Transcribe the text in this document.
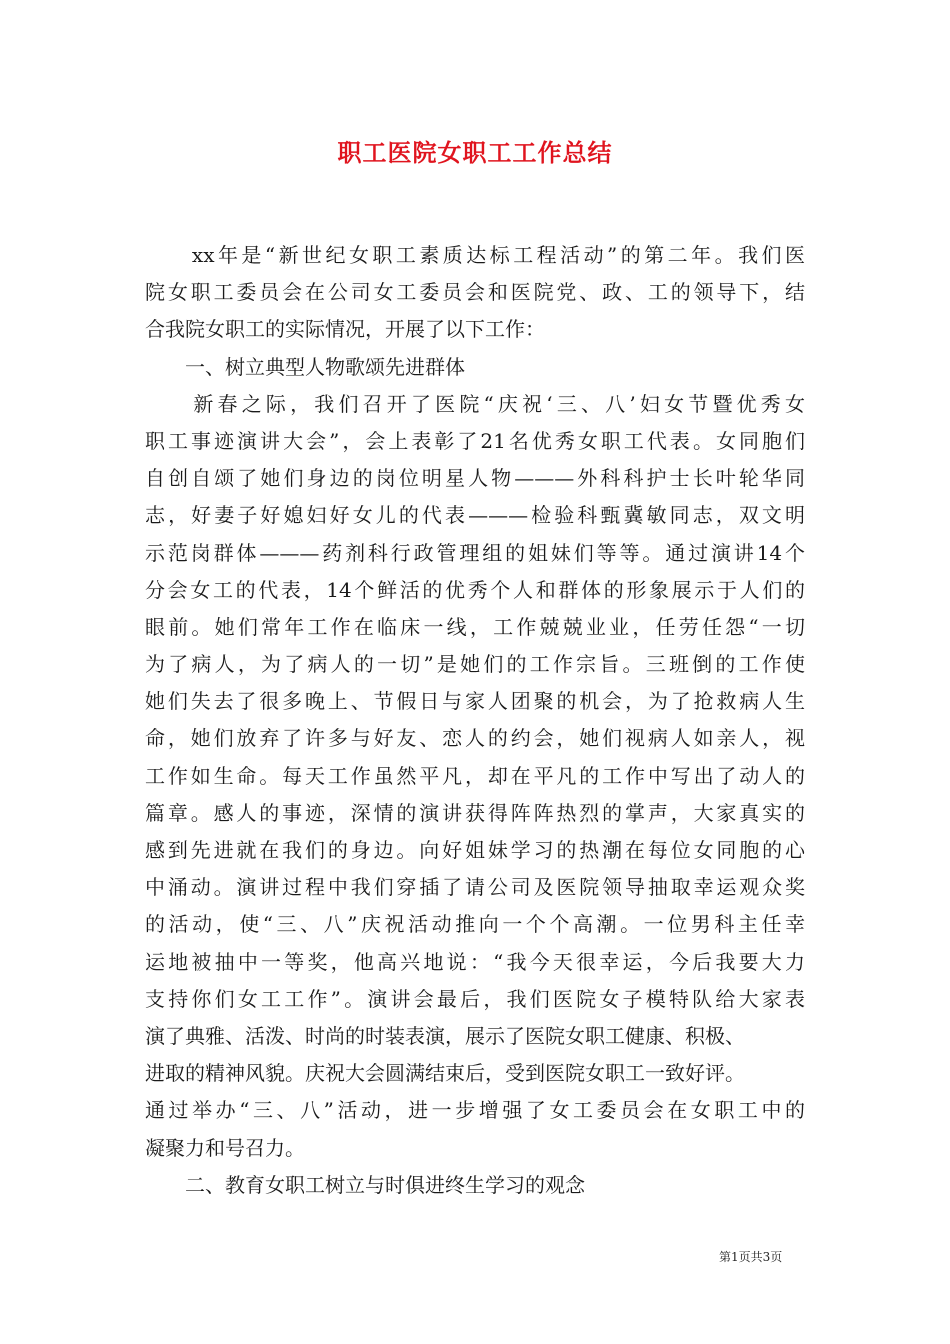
职工医院女职工工作总结
　　xx年是“新世纪女职工素质达标工程活动”的第二年。我们医
院女职工委员会在公司女工委员会和医院党、政、工的领导下，结
合我院女职工的实际情况，开展了以下工作：
　　一、树立典型人物歌颂先进群体
　　新春之际，我们召开了医院“庆祝‘三、八’妇女节暨优秀女
职工事迹演讲大会”，会上表彰了21名优秀女职工代表。女同胞们
自创自颂了她们身边的岗位明星人物———外科科护士长叶轮华同
志，好妻子好媳妇好女儿的代表———检验科甄冀敏同志，双文明
示范岗群体———药剂科行政管理组的姐妹们等等。通过演讲14个
分会女工的代表，14个鲜活的优秀个人和群体的形象展示于人们的
眼前。她们常年工作在临床一线，工作兢兢业业，任劳任怨“一切
为了病人，为了病人的一切”是她们的工作宗旨。三班倒的工作使
她们失去了很多晚上、节假日与家人团聚的机会，为了抢救病人生
命，她们放弃了许多与好友、恋人的约会，她们视病人如亲人，视
工作如生命。每天工作虽然平凡，却在平凡的工作中写出了动人的
篇章。感人的事迹，深情的演讲获得阵阵热烈的掌声，大家真实的
感到先进就在我们的身边。向好姐妹学习的热潮在每位女同胞的心
中涌动。演讲过程中我们穿插了请公司及医院领导抽取幸运观众奖
的活动，使“三、八”庆祝活动推向一个个高潮。一位男科主任幸
运地被抽中一等奖，他高兴地说：“我今天很幸运，今后我要大力
支持你们女工工作”。演讲会最后，我们医院女子模特队给大家表
演了典雅、活泼、时尚的时装表演，展示了医院女职工健康、积极、
进取的精神风貌。庆祝大会圆满结束后，受到医院女职工一致好评。
通过举办“三、八”活动，进一步增强了女工委员会在女职工中的
凝聚力和号召力。
　　二、教育女职工树立与时俱进终生学习的观念
第1页共3页
